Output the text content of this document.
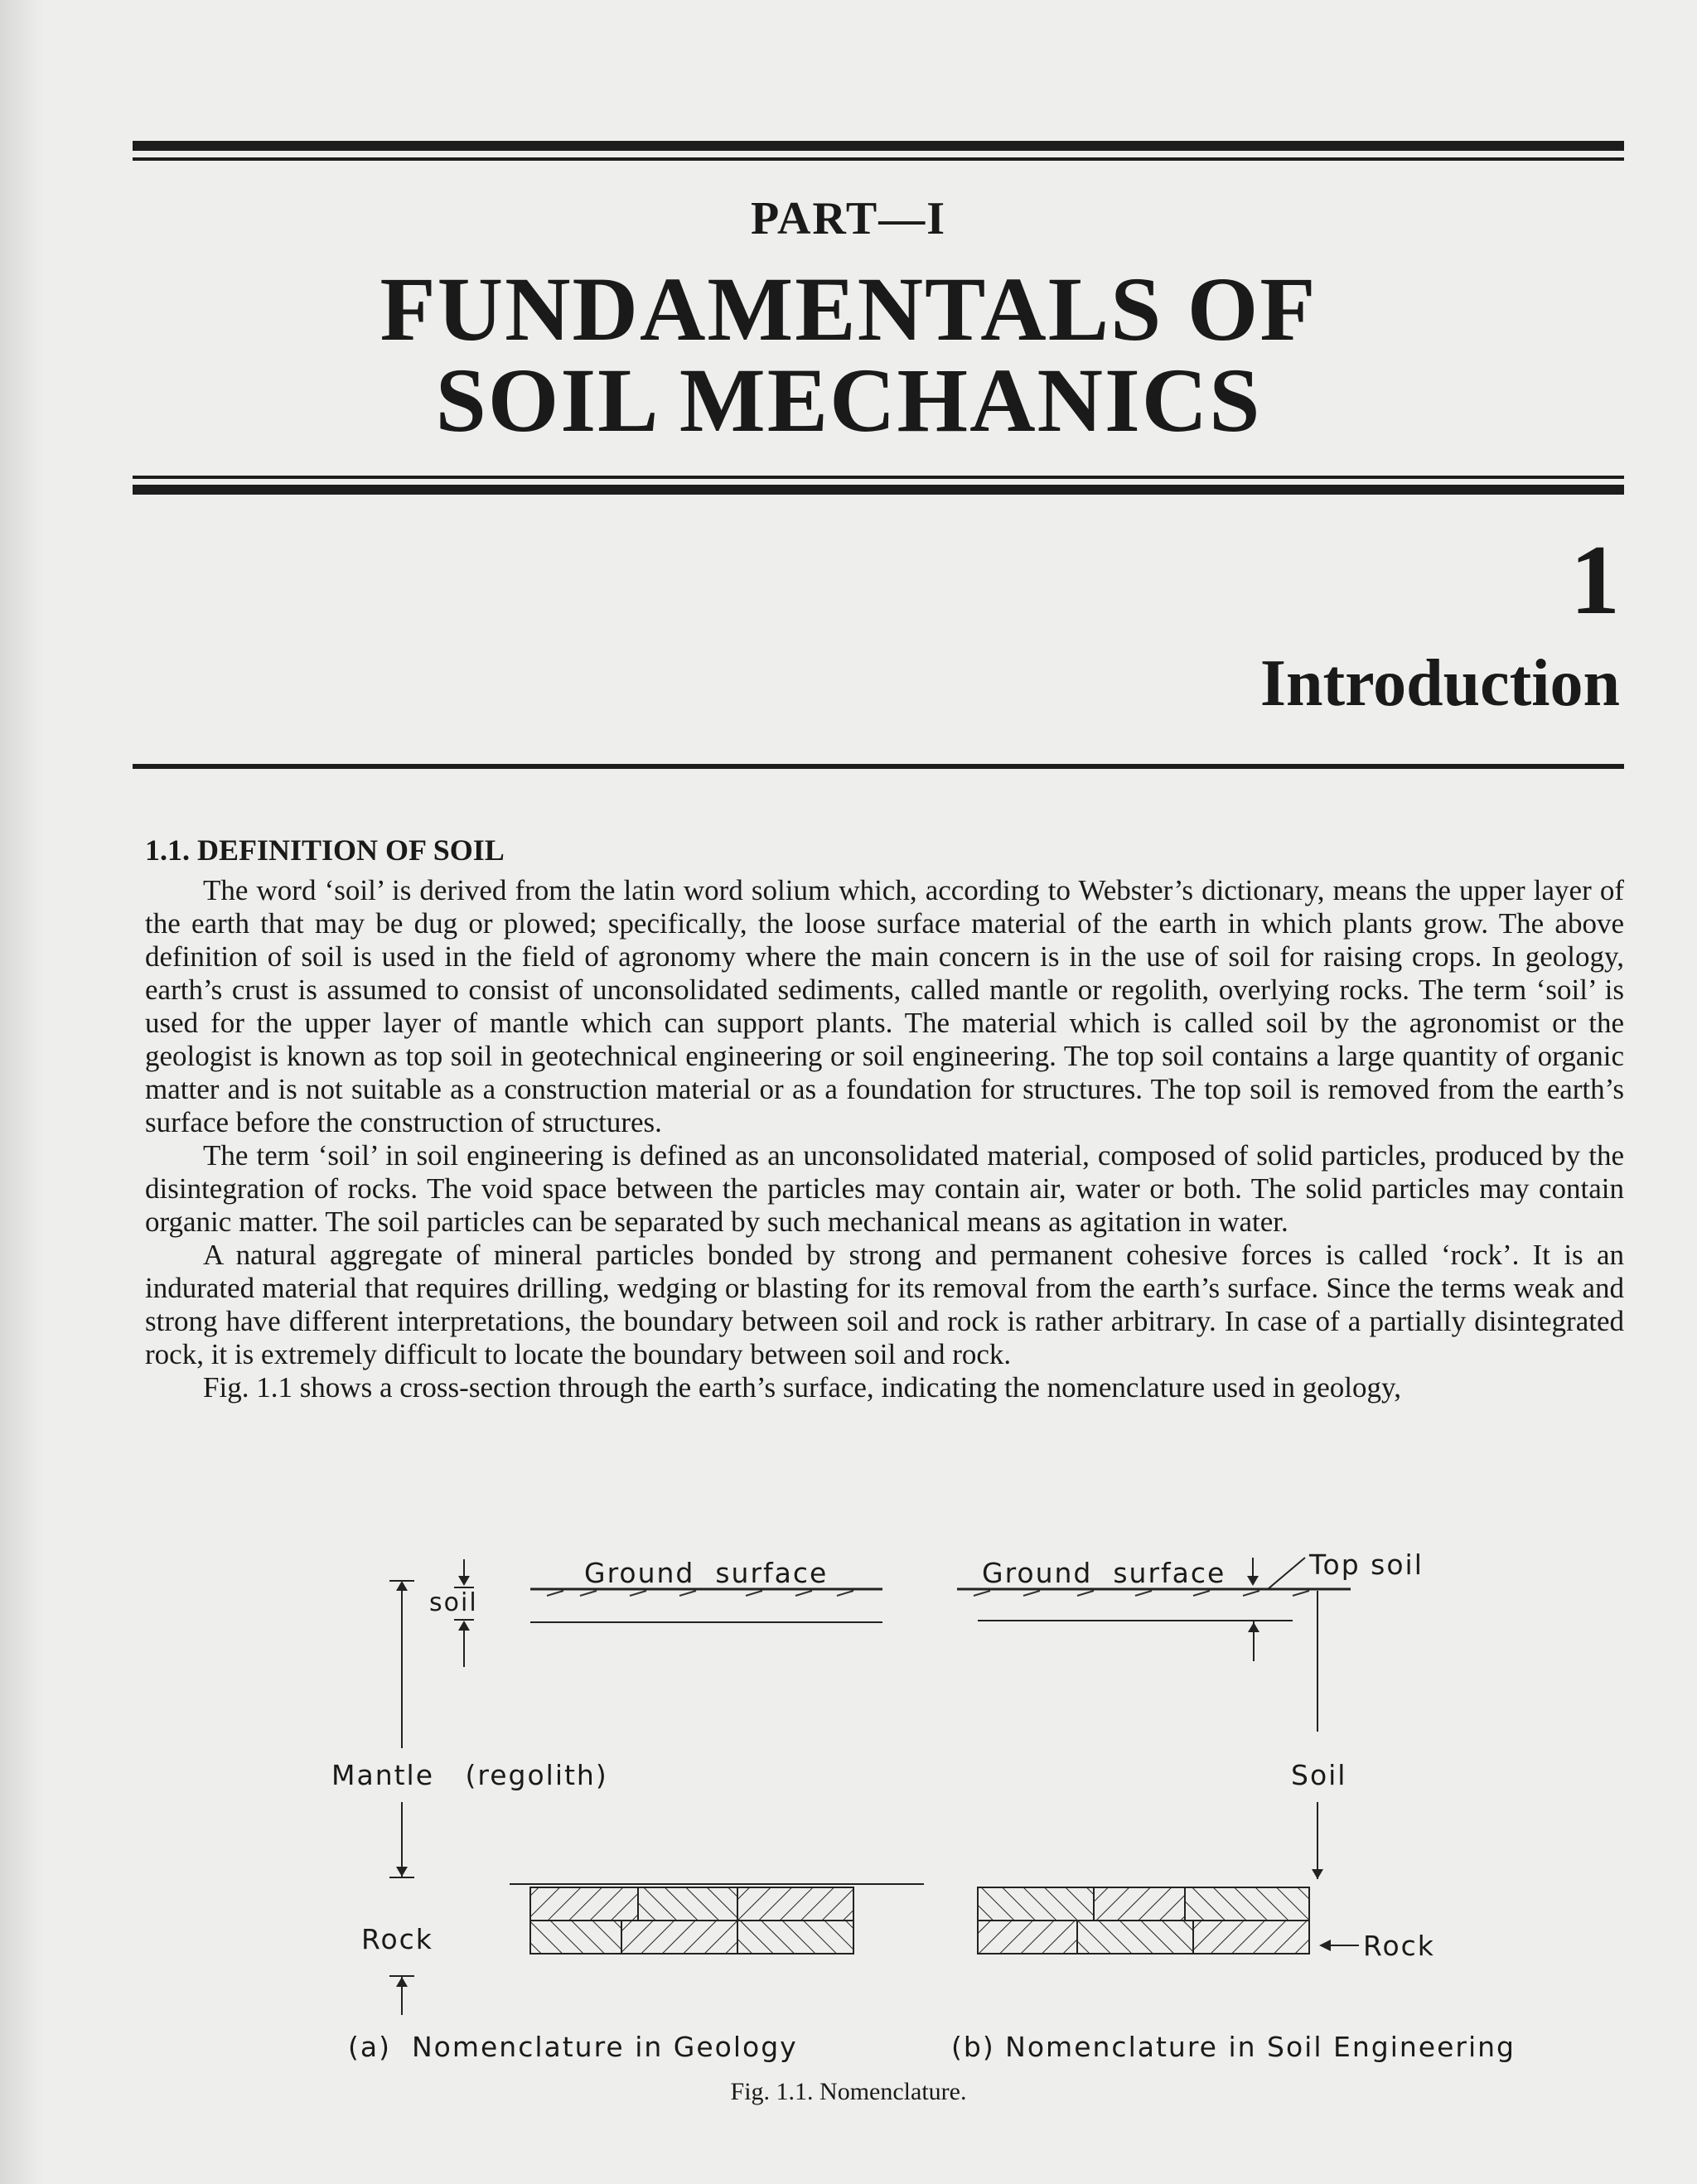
PART—I
FUNDAMENTALS OF
SOIL MECHANICS
1
Introduction
1.1. DEFINITION OF SOIL

The word ‘soil’ is derived from the latin word solium which, according to Webster’s dictionary, means the upper layer of the earth that may be dug or plowed; specifically, the loose surface material of the earth in which plants grow. The above definition of soil is used in the field of agronomy where the main concern is in the use of soil for raising crops. In geology, earth’s crust is assumed to consist of unconsolidated sediments, called mantle or regolith, overlying rocks. The term ‘soil’ is used for the upper layer of mantle which can support plants. The material which is called soil by the agronomist or the geologist is known as top soil in geotechnical engineering or soil engineering. The top soil contains a large quantity of organic matter and is not suitable as a construction material or as a foundation for structures. The top soil is removed from the earth’s surface before the construction of structures.

The term ‘soil’ in soil engineering is defined as an unconsolidated material, composed of solid particles, produced by the disintegration of rocks. The void space between the particles may contain air, water or both. The solid particles may contain organic matter. The soil particles can be separated by such mechanical means as agitation in water.

A natural aggregate of mineral particles bonded by strong and permanent cohesive forces is called ‘rock’. It is an indurated material that requires drilling, wedging or blasting for its removal from the earth’s surface. Since the terms weak and strong have different interpretations, the boundary between soil and rock is rather arbitrary. In case of a partially disintegrated rock, it is extremely difficult to locate the boundary between soil and rock.

Fig. 1.1 shows a cross-section through the earth’s surface, indicating the nomenclature used in geology,

Ground  surface
soil
Mantle   (regolith)
Rock
(a)  Nomenclature in Geology
Ground  surface	Top soil
Soil
Rock
(b) Nomenclature in Soil Engineering
Fig. 1.1. Nomenclature.
